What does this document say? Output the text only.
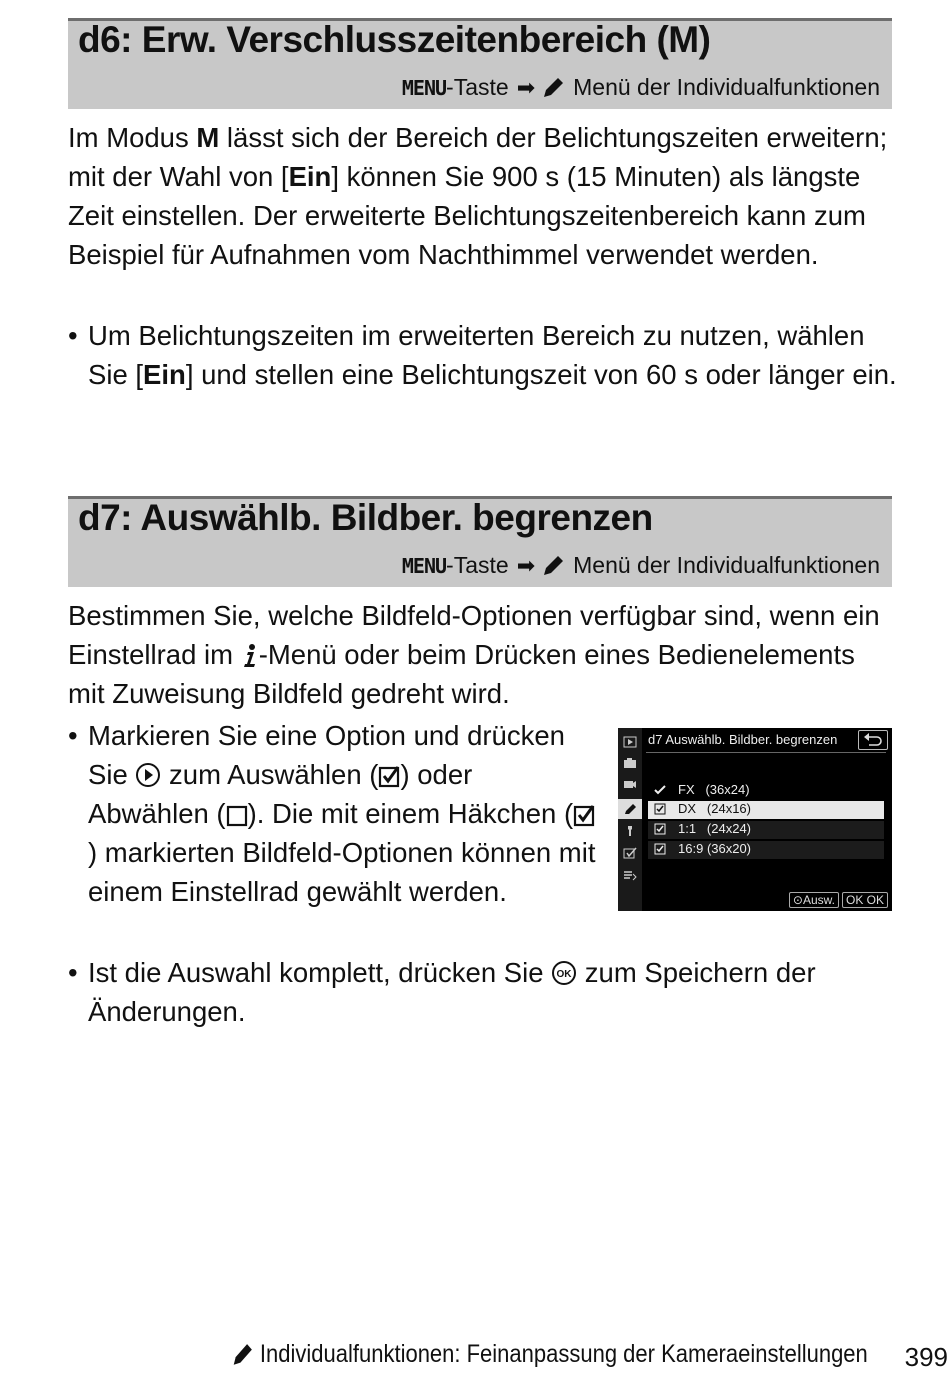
d6: Erw. Verschlusszeitenbereich (M)
MENU -Taste ➡ Menü der Individualfunktionen

Im Modus M lässt sich der Bereich der Belichtungszeiten erweitern; mit der Wahl von [Ein] können Sie 900 s (15 Minuten) als längste Zeit einstellen. Der erweiterte Belichtungszeitenbereich kann zum Beispiel für Aufnahmen vom Nachthimmel verwendet werden.

• Um Belichtungszeiten im erweiterten Bereich zu nutzen, wählen Sie [Ein] und stellen eine Belichtungszeit von 60 s oder länger ein.
d7: Auswählb. Bildber. begrenzen
MENU -Taste ➡ Menü der Individualfunktionen

Bestimmen Sie, welche Bildfeld-Optionen verfügbar sind, wenn ein Einstellrad im -Menü oder beim Drücken eines Bedienelements mit Zuweisung Bildfeld gedreht wird.

• Markieren Sie eine Option und drücken Sie  zum Auswählen ( ) oder Abwählen ( ). Die mit einem Häkchen () markierten Bildfeld-Optionen können mit einem Einstellrad gewählt werden.
d7 Auswählb. Bildber. begrenzen
FX (36x24)
DX (24x16)
1:1 (24x24)
16:9 (36x20)
⊙Ausw. OK OK
• Ist die Auswahl komplett, drücken Sie OK zum Speichern der Änderungen.
Individualfunktionen: Feinanpassung der Kameraeinstellungen 399
